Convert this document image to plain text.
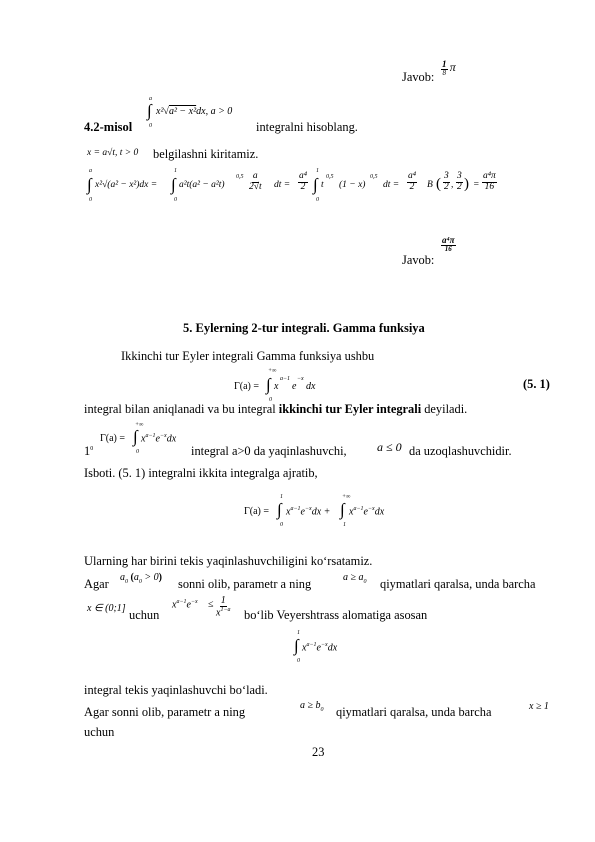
Javob: $\frac{1}{8}$ π
4.2-misol
a
∫
0
x²√a² − x²dx, a > 0
integralni hisoblang.
x = a√t, t > 0 belgilashni kiritamiz.
a
∫
0
x²√(a² − x²)dx =
1
∫
0
a²t(a² − a²t)
$0,5 \frac{a}{2√t}$ dt = $\frac{\text{a⁴}}{2}$
1
∫
0
t
0,5
(1 − x)
0,5
dt = $\frac{\text{a⁴}}{2}$ B ( $\frac{3}{2}$ , $\frac{3}{2}$ ) = $\frac{\text{a⁴π}}{16}$
Javob:
$\frac{\text{a⁴π}}{16}$
5. Eylerning 2-tur integrali. Gamma funksiya
Ikkinchi tur Eyler integrali Gamma funksiya ushbu
Γ(a) =
+∞
∫
0
x
a−1
e
−x
dx	(5. 1)
integral bilan aniqlanadi va bu integral ikkinchi tur Eyler integrali deyiladi.
$1^0$
Γ(a) =
+∞
∫
0
$x^{a-1}e^{-x}dx$
integral a>0 da yaqinlashuvchi,	a ≤ 0 da uzoqlashuvchidir.
Isboti. (5. 1) integralni ikkita integralga ajratib,
Γ(a) =
1
∫
0
$x^{a-1}e^{-x}dx$ +
+∞
∫
1
$x^{a-1}e^{-x}dx$
Ularning har birini tekis yaqinlashuvchiligini ko‘rsatamiz.
Agar $a_0$ $(a_0 > 0)$ sonni olib, parametr a ning	$a \ge a_0$ qiymatlari qaralsa, unda barcha
x ∈ (0;1] uchun
$x^{a-1}e^{-x} \le \frac{1}{x^{1-a}}$ bo‘lib Veyershtrass alomatiga asosan
1
∫
0
$x^{a-1}e^{-x}dx$
integral tekis yaqinlashuvchi bo‘ladi.
Agar sonni olib, parametr a ning	$a \ge b_0$ qiymatlari qaralsa, unda barcha	x ≥ 1
uchun
23
